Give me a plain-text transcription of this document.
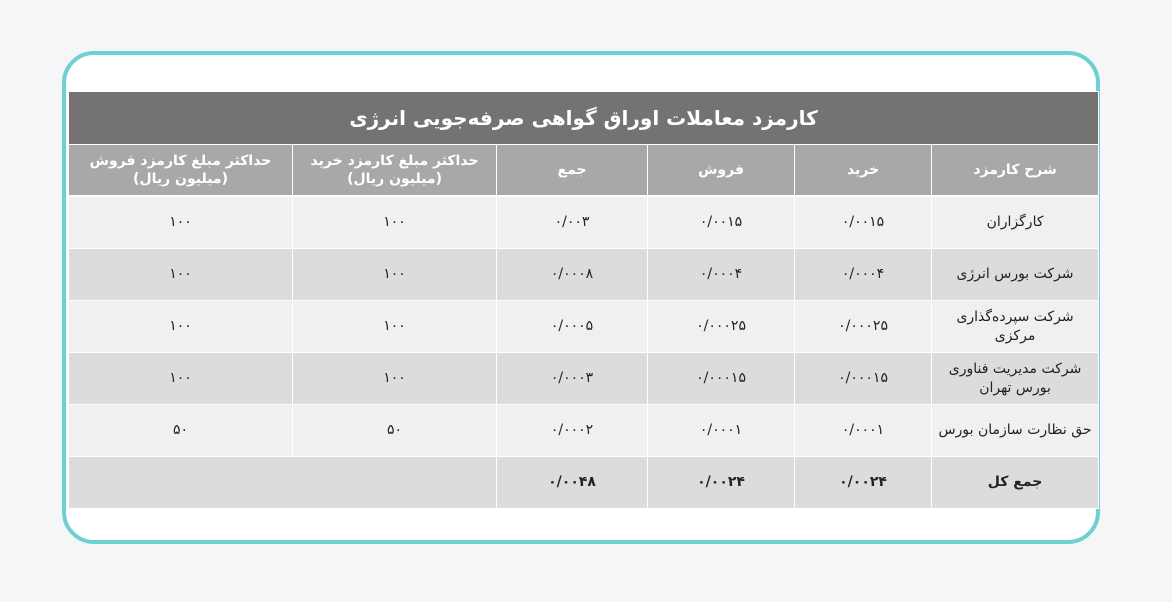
کارمزد معاملات اوراق گواهی صرفه‌جویی انرژی					
شرح کارمزد	خرید	فروش	جمع	حداکثر مبلغ کارمزد خرید (میلیون ریال)	حداکثر مبلغ کارمزد فروش (میلیون ریال)
کارگزاران	۰/۰۰۱۵	۰/۰۰۱۵	۰/۰۰۳	۱۰۰	۱۰۰
شرکت بورس انرژی	۰/۰۰۰۴	۰/۰۰۰۴	۰/۰۰۰۸	۱۰۰	۱۰۰
شرکت سپرده‌گذاری مرکزی	۰/۰۰۰۲۵	۰/۰۰۰۲۵	۰/۰۰۰۵	۱۰۰	۱۰۰
شرکت مدیریت فناوری بورس تهران	۰/۰۰۰۱۵	۰/۰۰۰۱۵	۰/۰۰۰۳	۱۰۰	۱۰۰
حق نظارت سازمان بورس	۰/۰۰۰۱	۰/۰۰۰۱	۰/۰۰۰۲	۵۰	۵۰
جمع کل	۰/۰۰۲۴	۰/۰۰۲۴	۰/۰۰۴۸		
